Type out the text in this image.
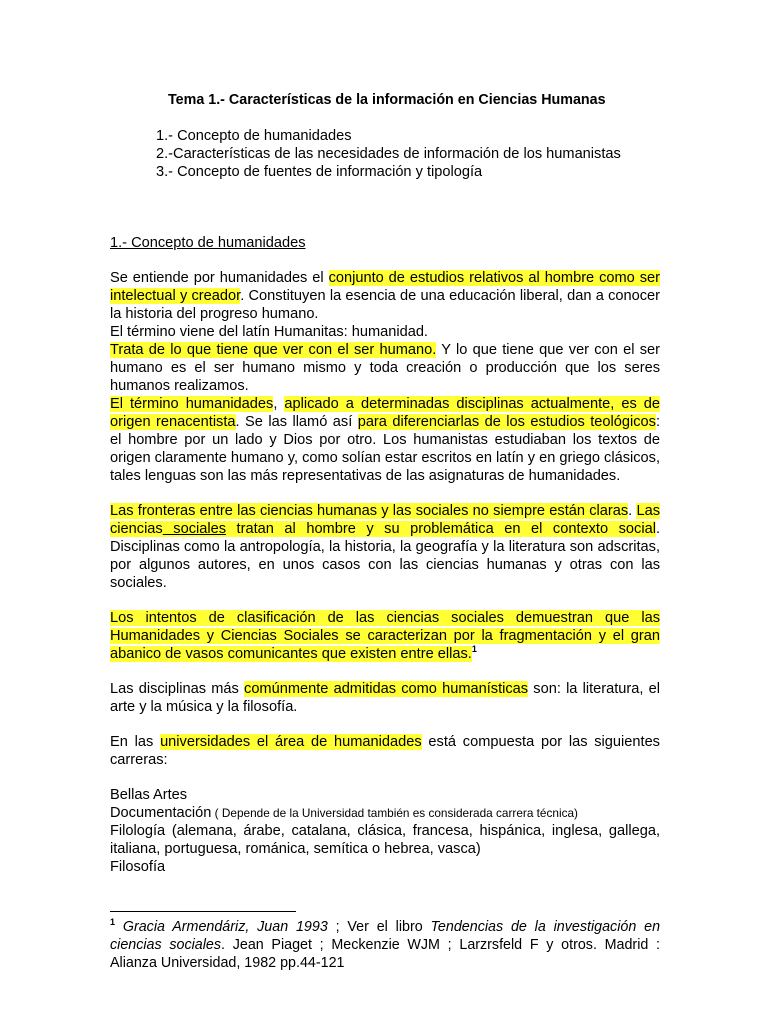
Tema 1.- Características de la información en Ciencias Humanas
1.- Concepto de humanidades
2.-Características de las necesidades de información de los humanistas
3.- Concepto de fuentes de información y tipología
1.- Concepto de humanidades

Se entiende por humanidades el conjunto de estudios relativos al hombre como ser intelectual y creador. Constituyen la esencia de una educación liberal, dan a conocer la historia del progreso humano.

El término viene del latín Humanitas: humanidad.

Trata de lo que tiene que ver con el ser humano. Y lo que tiene que ver con el ser humano es el ser humano mismo y toda creación o producción que los seres humanos realizamos.

El término humanidades, aplicado a determinadas disciplinas actualmente, es de origen renacentista. Se las llamó así para diferenciarlas de los estudios teológicos: el hombre por un lado y Dios por otro. Los humanistas estudiaban los textos de origen claramente humano y, como solían estar escritos en latín y en griego clásicos, tales lenguas son las más representativas de las asignaturas de humanidades.

Las fronteras entre las ciencias humanas y las sociales no siempre están claras. Las ciencias sociales tratan al hombre y su problemática en el contexto social. Disciplinas como la antropología, la historia, la geografía y la literatura son adscritas, por algunos autores, en unos casos con las ciencias humanas y otras con las sociales.

Los intentos de clasificación de las ciencias sociales demuestran que las Humanidades y Ciencias Sociales se caracterizan por la fragmentación y el gran abanico de vasos comunicantes que existen entre ellas.$^1$

Las disciplinas más comúnmente admitidas como humanísticas son: la literatura, el arte y la música y la filosofía.

En las universidades el área de humanidades está compuesta por las siguientes carreras:

Bellas Artes
Documentación ( Depende de la Universidad también es considerada carrera técnica)

Filología (alemana, árabe, catalana, clásica, francesa, hispánica, inglesa, gallega, italiana, portuguesa, románica, semítica o hebrea, vasca)

Filosofía

$^1$ Gracia Armendáriz, Juan 1993 ; Ver el libro Tendencias de la investigación en ciencias sociales. Jean Piaget ; Meckenzie WJM ; Larzrsfeld F y otros. Madrid : Alianza Universidad, 1982 pp.44-121
